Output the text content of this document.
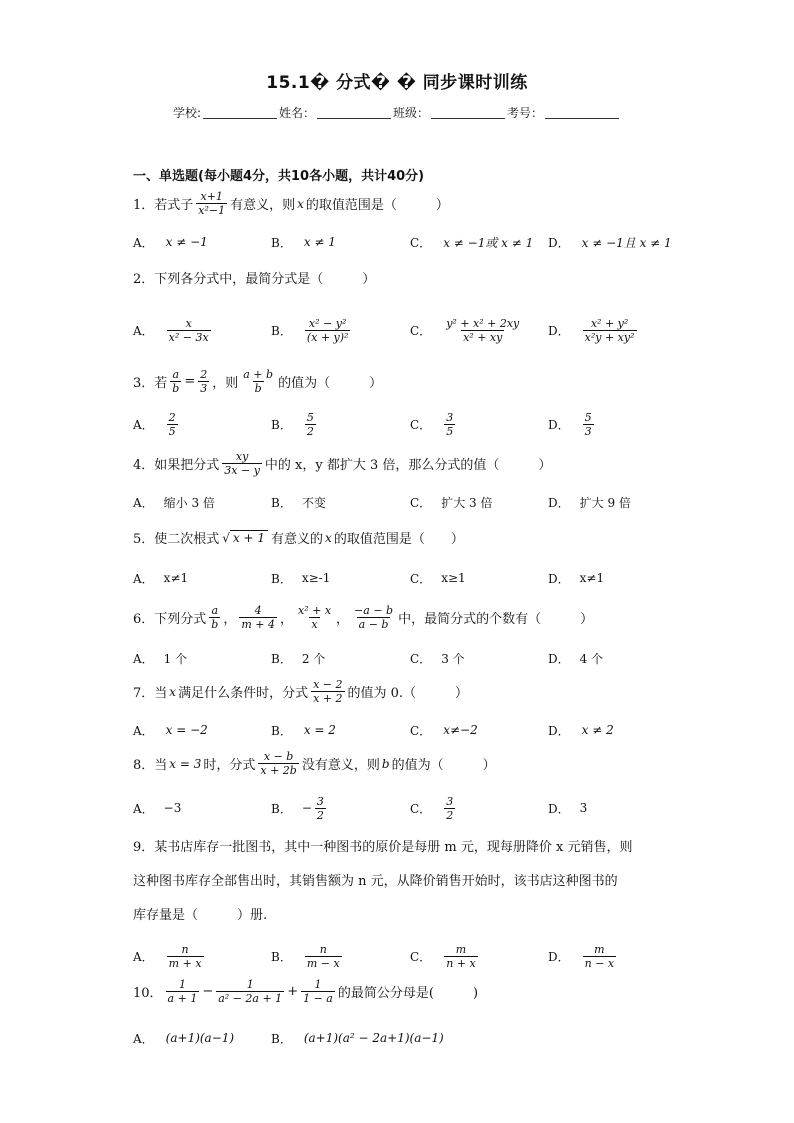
15.1� 分式� � 同步课时训练
学校:	姓名：	班级：	考号：
一、单选题(每小题4分，共10各小题，共计40分)
1．若式子 $\frac{x+1}{\text{x²−1}}$ 有意义，则 x 的取值范围是（　　　）
A． x ≠ −1	B． x ≠ 1	C． x ≠ −1或 x ≠ 1 D． x ≠ −1且 x ≠ 1
2．下列各分式中，最简分式是（　　　）
A． $\frac{x}{\text{x² − 3x}}$	B． $\frac{\text{x² − y²}}{\text{(x + y)²}}$	C． $\frac{\text{y² + x² + 2xy}}{\text{x² + xy}}$ D． $\frac{\text{x² + y²}}{\text{x²y + xy²}}$
3．若 $\frac{a}{b} = \frac{2}{3}$ ，则 $\frac{a + b}{b}$ 的值为（　　　）
A． $\frac{2}{5}$	B． $\frac{5}{2}$	C． $\frac{3}{5}$	D． $\frac{5}{3}$
4．如果把分式 $\frac{xy}{3x - y}$ 中的 x，y 都扩大 3 倍，那么分式的值（　　　）
A． 缩小 3 倍	B． 不变	C． 扩大 3 倍	D． 扩大 9 倍
5．使二次根式 √ x + 1 有意义的 x 的取值范围是（　　）
A． x≠1	B． x≥-1	C． x≥1	D． x≠1
6．下列分式 $\frac{a}{b}$ ， $\frac{4}{m + 4}$ ， $\frac{\text{x² + x}}{x}$ ， $\frac{-a - b}{a - b}$ 中，最简分式的个数有（　　　）
A． 1 个	B． 2 个	C． 3 个	D． 4 个
7．当 x 满足什么条件时，分式 $\frac{x - 2}{x + 2}$ 的值为 0.（　　　）
A． x = −2	B． x = 2	C． x≠−2	D． x ≠ 2
8．当 x = 3 时，分式 $\frac{x - b}{x + 2b}$ 没有意义，则 b 的值为（　　　）
A． −3	B． − $\frac{3}{2}$	C． $\frac{3}{2}$	D． 3
9．某书店库存一批图书，其中一种图书的原价是每册 m 元，现每册降价 x 元销售，则
这种图书库存全部售出时，其销售额为 n 元，从降价销售开始时，该书店这种图书的
库存量是（　　　）册.
A． $\frac{n}{m + x}$	B． $\frac{n}{m - x}$	C． $\frac{m}{n + x}$	D． $\frac{m}{n - x}$
10． $\frac{1}{a + 1} - \frac{1}{\text{a² − 2a + 1}} + \frac{1}{1 - a}$ 的最简公分母是(　　　)
A． (a+1)(a−1)	B． (a+1)(a² − 2a+1)(a−1)
